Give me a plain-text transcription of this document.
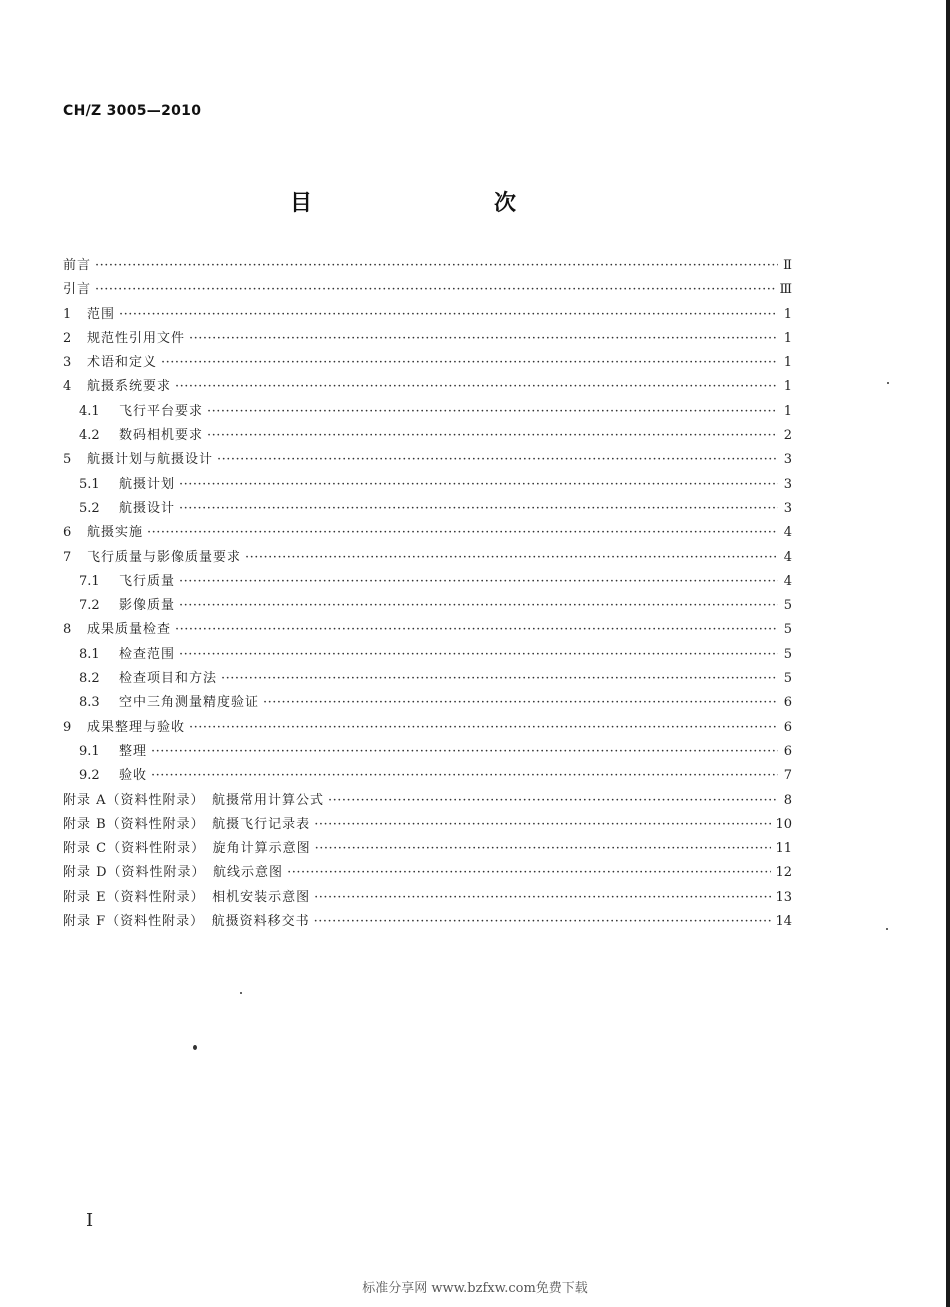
CH/Z 3005—2010
目　　次
前言 ·····	Ⅱ
引言 ·····	Ⅲ
1	范围 ·····	1
2	规范性引用文件 ·····	1
3	术语和定义 ·····	1
4	航摄系统要求 ·····	1
4.1	飞行平台要求 ·····	1
4.2	数码相机要求 ·····	2
5	航摄计划与航摄设计 ·····	3
5.1	航摄计划 ·····	3
5.2	航摄设计 ·····	3
6	航摄实施 ·····	4
7	飞行质量与影像质量要求 ·····	4
7.1	飞行质量 ·····	4
7.2	影像质量 ·····	5
8	成果质量检查 ·····	5
8.1	检查范围 ·····	5
8.2	检查项目和方法 ·····	5
8.3	空中三角测量精度验证 ·····	6
9	成果整理与验收 ·····	6
9.1	整理 ·····	6
9.2	验收 ·····	7
附录 A（资料性附录）　航摄常用计算公式 ·····	8
附录 B（资料性附录）　航摄飞行记录表 ·····	10
附录 C（资料性附录）　旋角计算示意图 ·····	11
附录 D（资料性附录）　航线示意图 ·····	12
附录 E（资料性附录）　相机安装示意图 ·····	13
附录 F（资料性附录）　航摄资料移交书 ·····	14
I
标准分享网 www.bzfxw.com免费下载
